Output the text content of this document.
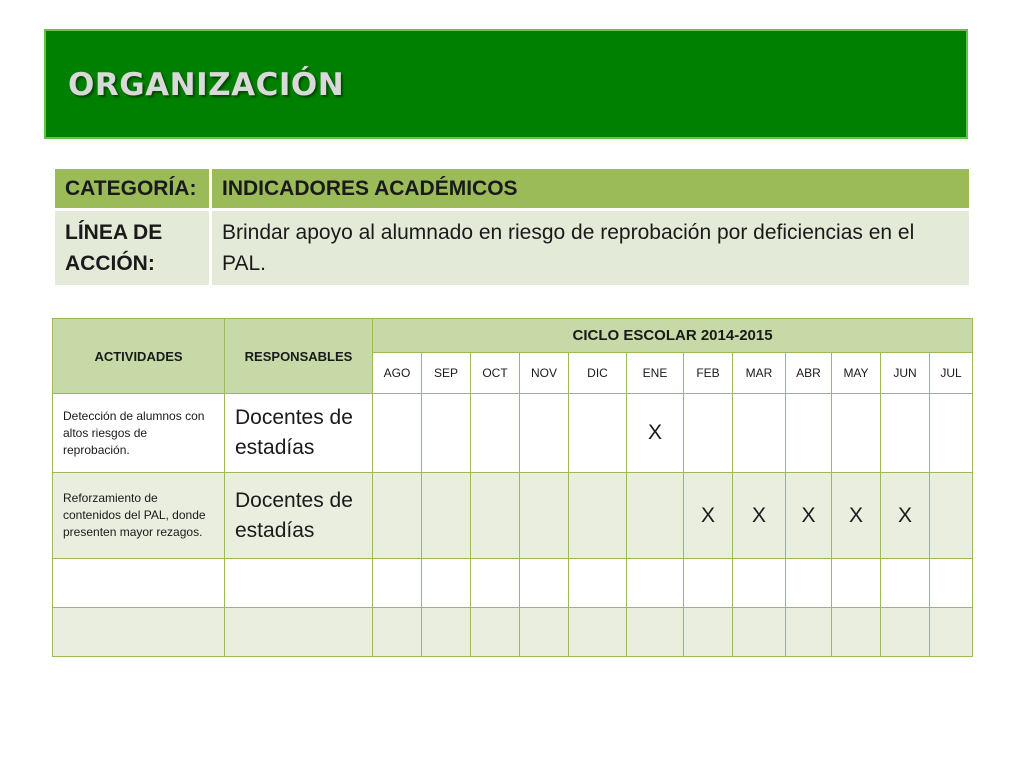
ORGANIZACIÓN
CATEGORÍA:	INDICADORES ACADÉMICOS
LÍNEA DE ACCIÓN:	Brindar apoyo al alumnado en riesgo de reprobación por deficiencias en el PAL.
ACTIVIDADES	RESPONSABLES	CICLO ESCOLAR 2014-2015											
		AGO	SEP	OCT	NOV	DIC	ENE	FEB	MAR	ABR	MAY	JUN	JUL
Detección de alumnos con altos riesgos de reprobación.	Docentes de estadías						X						
Reforzamiento de contenidos del PAL, donde presenten mayor rezagos.	Docentes de estadías							X	X	X	X	X	
